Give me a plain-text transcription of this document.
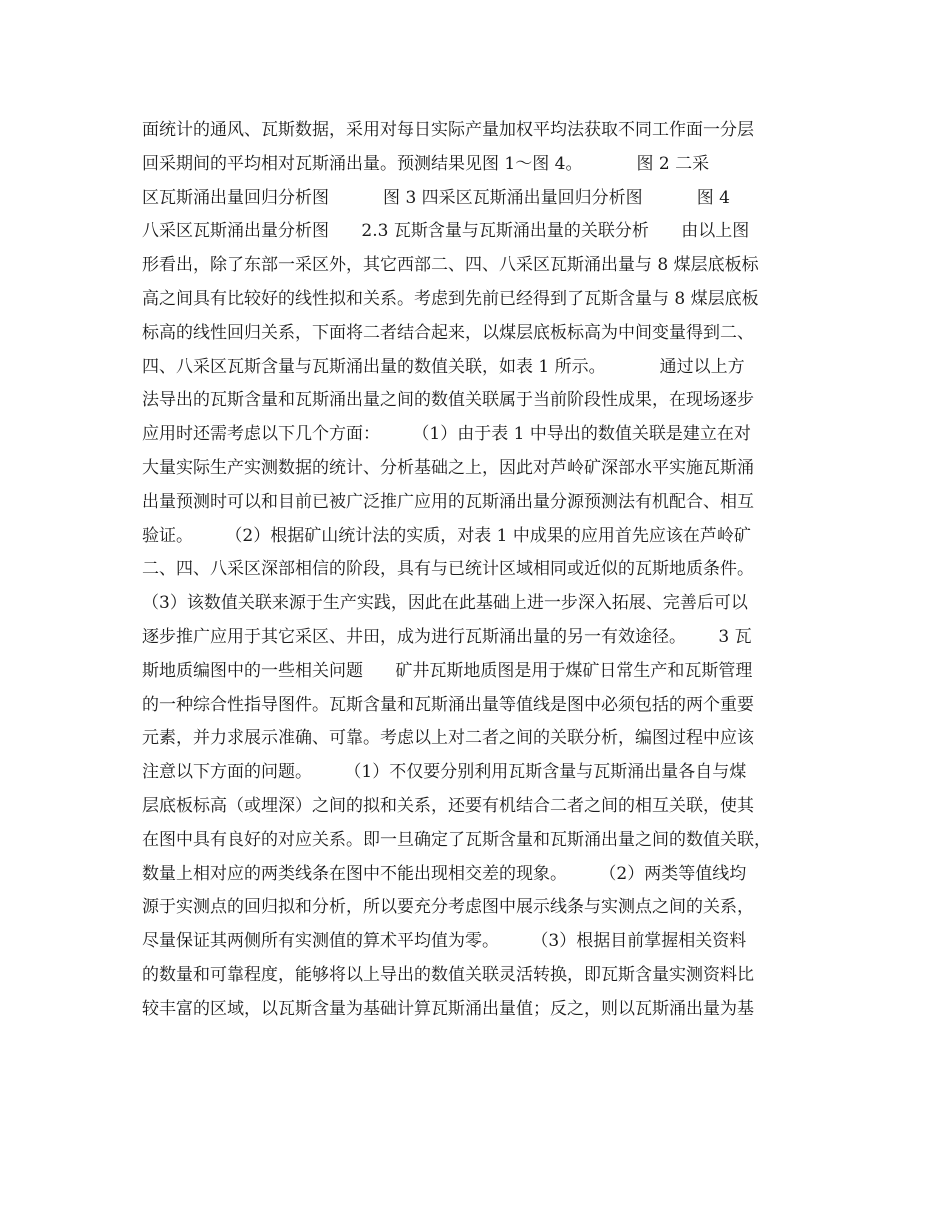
面统计的通风、瓦斯数据，采用对每日实际产量加权平均法获取不同工作面一分层
回采期间的平均相对瓦斯涌出量。预测结果见图 1～图 4。          图 2 二采
区瓦斯涌出量回归分析图          图 3 四采区瓦斯涌出量回归分析图          图 4
八采区瓦斯涌出量分析图      2.3 瓦斯含量与瓦斯涌出量的关联分析      由以上图
形看出，除了东部一采区外，其它西部二、四、八采区瓦斯涌出量与 8 煤层底板标
高之间具有比较好的线性拟和关系。考虑到先前已经得到了瓦斯含量与 8 煤层底板
标高的线性回归关系，下面将二者结合起来，以煤层底板标高为中间变量得到二、
四、八采区瓦斯含量与瓦斯涌出量的数值关联，如表 1 所示。          通过以上方
法导出的瓦斯含量和瓦斯涌出量之间的数值关联属于当前阶段性成果，在现场逐步
应用时还需考虑以下几个方面：      （1）由于表 1 中导出的数值关联是建立在对
大量实际生产实测数据的统计、分析基础之上，因此对芦岭矿深部水平实施瓦斯涌
出量预测时可以和目前已被广泛推广应用的瓦斯涌出量分源预测法有机配合、相互
验证。      （2）根据矿山统计法的实质，对表 1 中成果的应用首先应该在芦岭矿
二、四、八采区深部相信的阶段，具有与已统计区域相同或近似的瓦斯地质条件。
（3）该数值关联来源于生产实践，因此在此基础上进一步深入拓展、完善后可以
逐步推广应用于其它采区、井田，成为进行瓦斯涌出量的另一有效途径。      3 瓦
斯地质编图中的一些相关问题      矿井瓦斯地质图是用于煤矿日常生产和瓦斯管理
的一种综合性指导图件。瓦斯含量和瓦斯涌出量等值线是图中必须包括的两个重要
元素，并力求展示准确、可靠。考虑以上对二者之间的关联分析，编图过程中应该
注意以下方面的问题。      （1）不仅要分别利用瓦斯含量与瓦斯涌出量各自与煤
层底板标高（或埋深）之间的拟和关系，还要有机结合二者之间的相互关联，使其
在图中具有良好的对应关系。即一旦确定了瓦斯含量和瓦斯涌出量之间的数值关联，
数量上相对应的两类线条在图中不能出现相交差的现象。      （2）两类等值线均
源于实测点的回归拟和分析，所以要充分考虑图中展示线条与实测点之间的关系，
尽量保证其两侧所有实测值的算术平均值为零。      （3）根据目前掌握相关资料
的数量和可靠程度，能够将以上导出的数值关联灵活转换，即瓦斯含量实测资料比
较丰富的区域，以瓦斯含量为基础计算瓦斯涌出量值；反之，则以瓦斯涌出量为基
